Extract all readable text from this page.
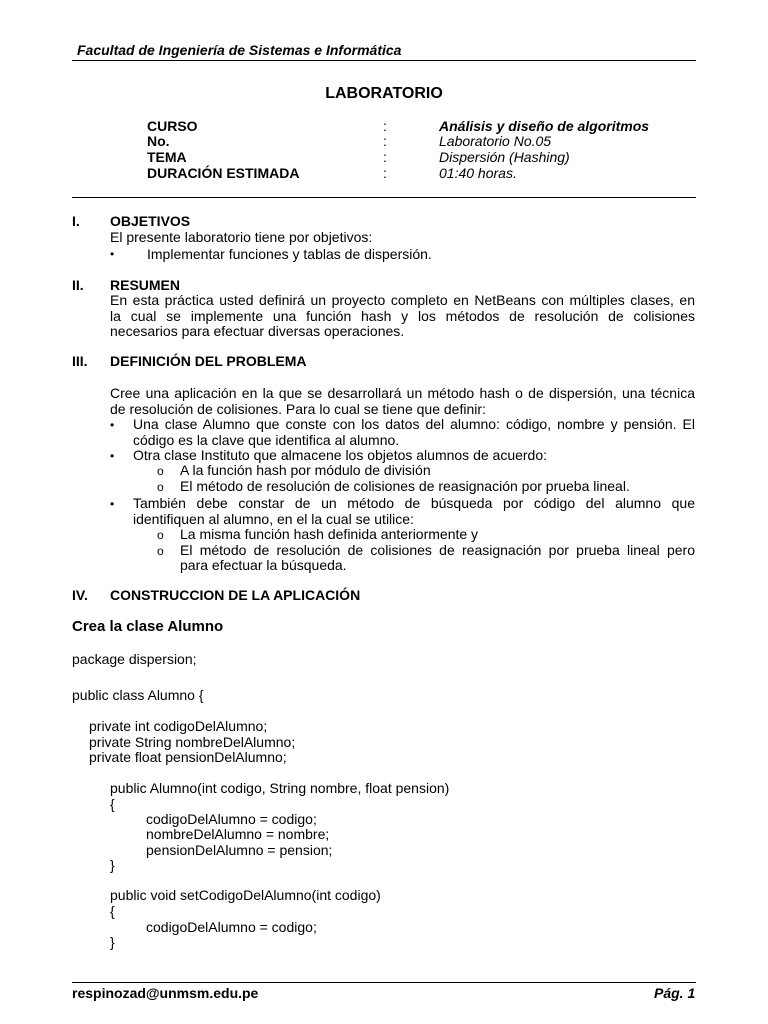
Facultad de Ingeniería de Sistemas e Informática
LABORATORIO
CURSO	:	Análisis y diseño de algoritmos
No.	:	Laboratorio No.05
TEMA	:	Dispersión (Hashing)
DURACIÓN ESTIMADA	:	01:40 horas.
I. OBJETIVOS
El presente laboratorio tiene por objetivos:
• Implementar funciones y tablas de dispersión.
II. RESUMEN
En esta práctica usted definirá un proyecto completo en NetBeans con múltiples clases, en
la cual se implemente una función hash y los métodos de resolución de colisiones
necesarios para efectuar diversas operaciones.
III. DEFINICIÓN DEL PROBLEMA
Cree una aplicación en la que se desarrollará un método hash o de dispersión, una técnica
de resolución de colisiones. Para lo cual se tiene que definir:
• Una clase Alumno que conste con los datos del alumno: código, nombre y pensión. El
código es la clave que identifica al alumno.
• Otra clase Instituto que almacene los objetos alumnos de acuerdo:
o A la función hash por módulo de división
o El método de resolución de colisiones de reasignación por prueba lineal.
• También debe constar de un método de búsqueda por código del alumno que
identifiquen al alumno, en el la cual se utilice:
o La misma función hash definida anteriormente y
o El método de resolución de colisiones de reasignación por prueba lineal pero
para efectuar la búsqueda.
IV. CONSTRUCCION DE LA APLICACIÓN
Crea la clase Alumno
package dispersion;
public class Alumno {
private int codigoDelAlumno;
private String nombreDelAlumno;
private float pensionDelAlumno;
public Alumno(int codigo, String nombre, float pension)
{
codigoDelAlumno = codigo;
nombreDelAlumno = nombre;
pensionDelAlumno = pension;
}
public void setCodigoDelAlumno(int codigo)
{
codigoDelAlumno = codigo;
}
respinozad@unmsm.edu.pe	Pág. 1
